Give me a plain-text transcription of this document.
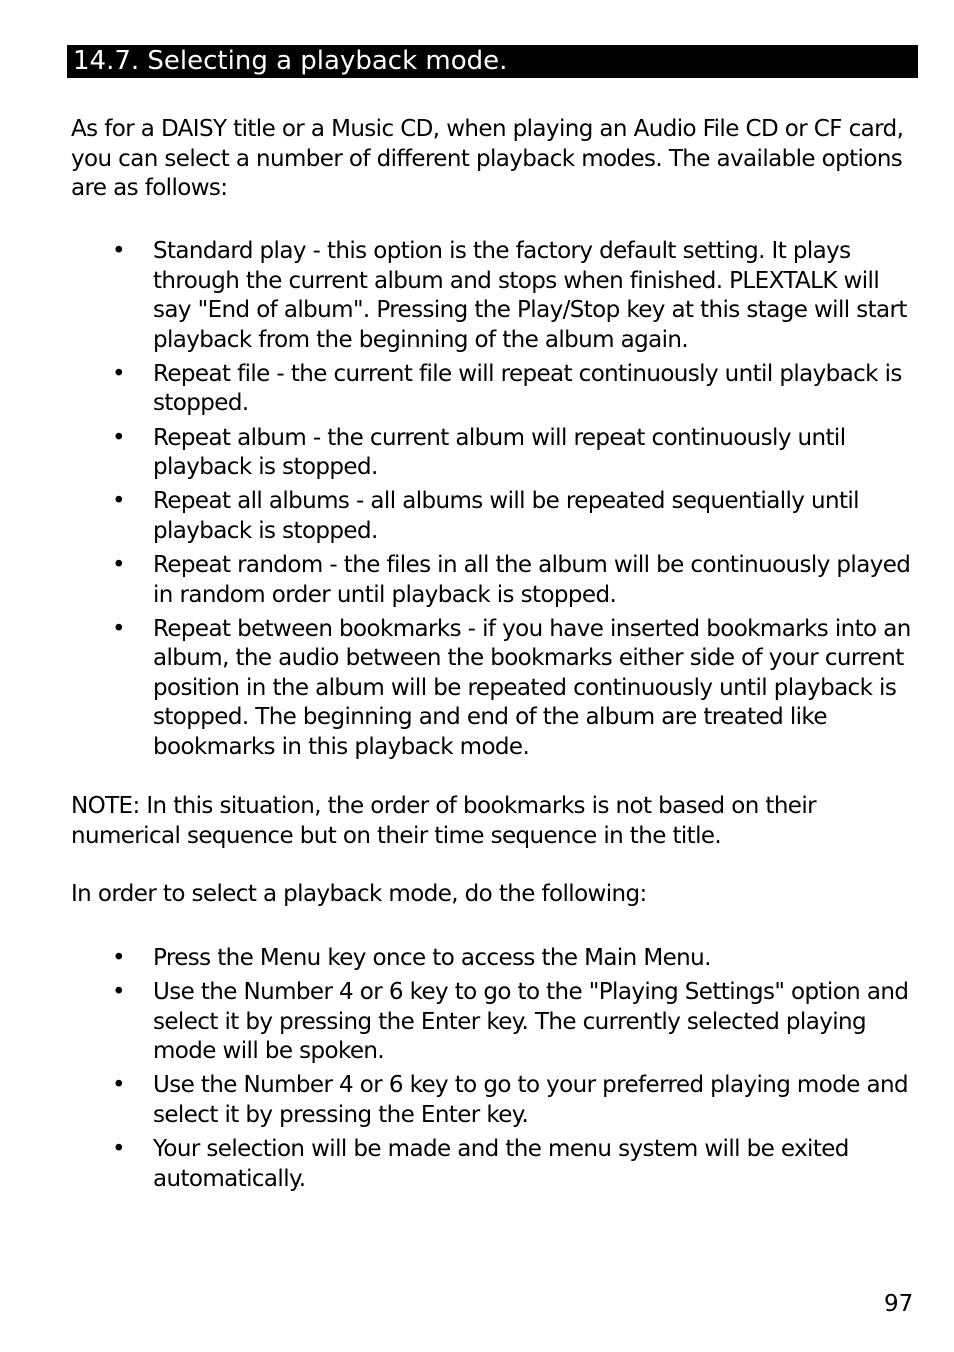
14.7. Selecting a playback mode.
As for a DAISY title or a Music CD, when playing an Audio File CD or CF card, you can select a number of different playback modes. The available options are as follows:
• Standard play - this option is the factory default setting. It plays through the current album and stops when finished. PLEXTALK will say "End of album". Pressing the Play/Stop key at this stage will start playback from the beginning of the album again.
• Repeat file - the current file will repeat continuously until playback is stopped.
• Repeat album - the current album will repeat continuously until playback is stopped.
• Repeat all albums - all albums will be repeated sequentially until playback is stopped.
• Repeat random - the files in all the album will be continuously played in random order until playback is stopped.
• Repeat between bookmarks - if you have inserted bookmarks into an album, the audio between the bookmarks either side of your current position in the album will be repeated continuously until playback is stopped. The beginning and end of the album are treated like bookmarks in this playback mode.
NOTE: In this situation, the order of bookmarks is not based on their numerical sequence but on their time sequence in the title.
In order to select a playback mode, do the following:
• Press the Menu key once to access the Main Menu.
• Use the Number 4 or 6 key to go to the "Playing Settings" option and select it by pressing the Enter key. The currently selected playing mode will be spoken.
• Use the Number 4 or 6 key to go to your preferred playing mode and select it by pressing the Enter key.
• Your selection will be made and the menu system will be exited automatically.
97
